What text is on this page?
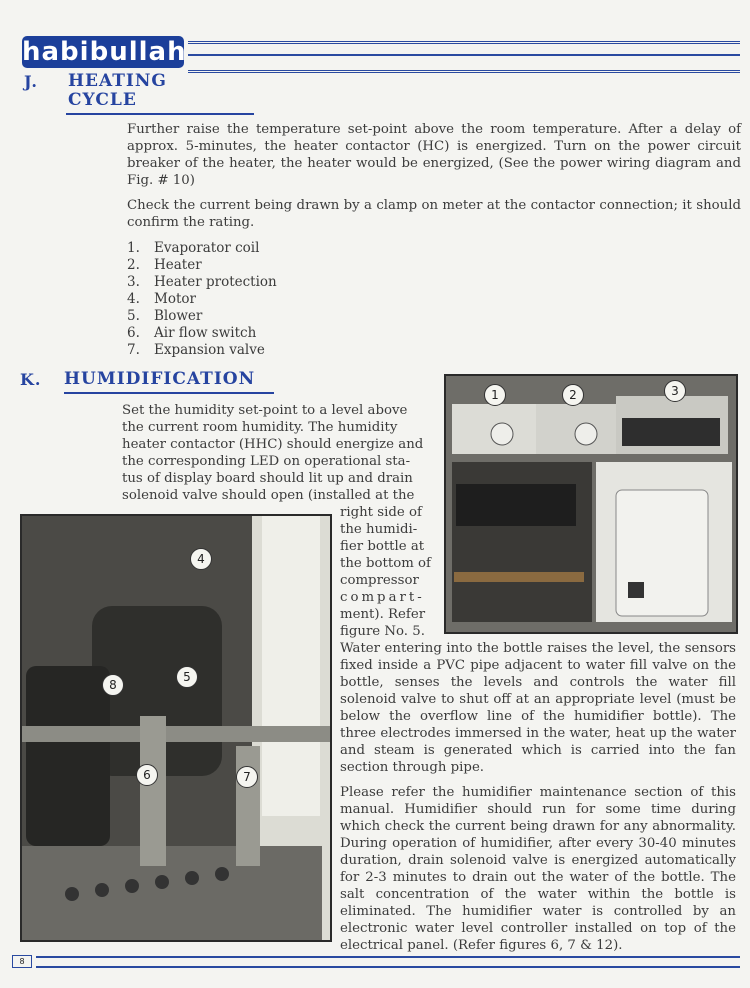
habibullah
J. HEATING
CYCLE

Further raise the temperature set-point above the room temperature. After a delay of approx. 5-minutes, the heater contactor (HC) is energized. Turn on the power circuit breaker of the heater, the heater would be energized, (See the power wiring diagram and Fig. # 10)

Check the current being drawn by a clamp on meter at the contactor connection; it should confirm the rating.

1. Evaporator coil
2. Heater
3. Heater protection
4. Motor
5. Blower
6. Air flow switch
7. Expansion valve
K. HUMIDIFICATION
Set the humidity set-point to a level above
the current room humidity. The humidity
heater contactor (HHC) should energize and
the corresponding LED on operational sta-
tus of display board should lit up and drain
solenoid valve should open (installed at the
right side of
the humidi-
fier bottle at
the bottom of
compressor
compart-
ment). Refer
figure No. 5.

Water entering into the bottle raises the level, the sensors fixed inside a PVC pipe adjacent to water fill valve on the bottle, senses the levels and controls the water fill solenoid valve to shut off at an appropriate level (must be below the overflow line of the humidifier bottle). The three electrodes immersed in the water, heat up the water and steam is generated which is carried into the fan section through pipe.

Please refer the humidifier maintenance section of this manual. Humidifier should run for some time during which check the current being drawn for any abnormality. During operation of humidifier, after every 30-40 minutes duration, drain solenoid valve is energized automatically for 2-3 minutes to drain out the water of the bottle. The salt concentration of the water within the bottle is eliminated. The humidifier water is controlled by an electronic water level controller installed on top of the electrical panel. (Refer figures 6, 7 & 12).

1	2	3
4
5
6	7
8
8
